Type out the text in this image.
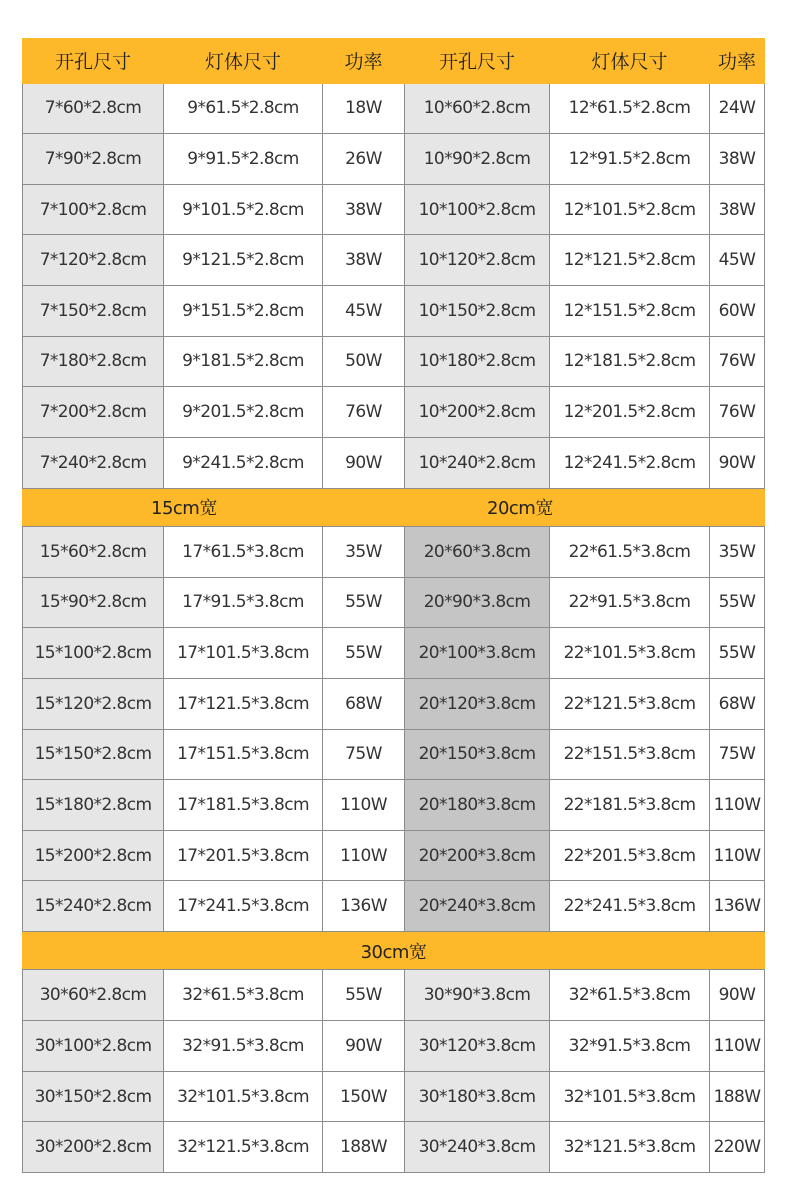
开孔尺寸	灯体尺寸	功率	开孔尺寸	灯体尺寸	功率
7*60*2.8cm	9*61.5*2.8cm	18W	10*60*2.8cm	12*61.5*2.8cm	24W
7*90*2.8cm	9*91.5*2.8cm	26W	10*90*2.8cm	12*91.5*2.8cm	38W
7*100*2.8cm	9*101.5*2.8cm	38W	10*100*2.8cm	12*101.5*2.8cm	38W
7*120*2.8cm	9*121.5*2.8cm	38W	10*120*2.8cm	12*121.5*2.8cm	45W
7*150*2.8cm	9*151.5*2.8cm	45W	10*150*2.8cm	12*151.5*2.8cm	60W
7*180*2.8cm	9*181.5*2.8cm	50W	10*180*2.8cm	12*181.5*2.8cm	76W
7*200*2.8cm	9*201.5*2.8cm	76W	10*200*2.8cm	12*201.5*2.8cm	76W
7*240*2.8cm	9*241.5*2.8cm	90W	10*240*2.8cm	12*241.5*2.8cm	90W
15cm宽			20cm宽		
15*60*2.8cm	17*61.5*3.8cm	35W	20*60*3.8cm	22*61.5*3.8cm	35W
15*90*2.8cm	17*91.5*3.8cm	55W	20*90*3.8cm	22*91.5*3.8cm	55W
15*100*2.8cm	17*101.5*3.8cm	55W	20*100*3.8cm	22*101.5*3.8cm	55W
15*120*2.8cm	17*121.5*3.8cm	68W	20*120*3.8cm	22*121.5*3.8cm	68W
15*150*2.8cm	17*151.5*3.8cm	75W	20*150*3.8cm	22*151.5*3.8cm	75W
15*180*2.8cm	17*181.5*3.8cm	110W	20*180*3.8cm	22*181.5*3.8cm	110W
15*200*2.8cm	17*201.5*3.8cm	110W	20*200*3.8cm	22*201.5*3.8cm	110W
15*240*2.8cm	17*241.5*3.8cm	136W	20*240*3.8cm	22*241.5*3.8cm	136W
30cm宽					
30*60*2.8cm	32*61.5*3.8cm	55W	30*90*3.8cm	32*61.5*3.8cm	90W
30*100*2.8cm	32*91.5*3.8cm	90W	30*120*3.8cm	32*91.5*3.8cm	110W
30*150*2.8cm	32*101.5*3.8cm	150W	30*180*3.8cm	32*101.5*3.8cm	188W
30*200*2.8cm	32*121.5*3.8cm	188W	30*240*3.8cm	32*121.5*3.8cm	220W
